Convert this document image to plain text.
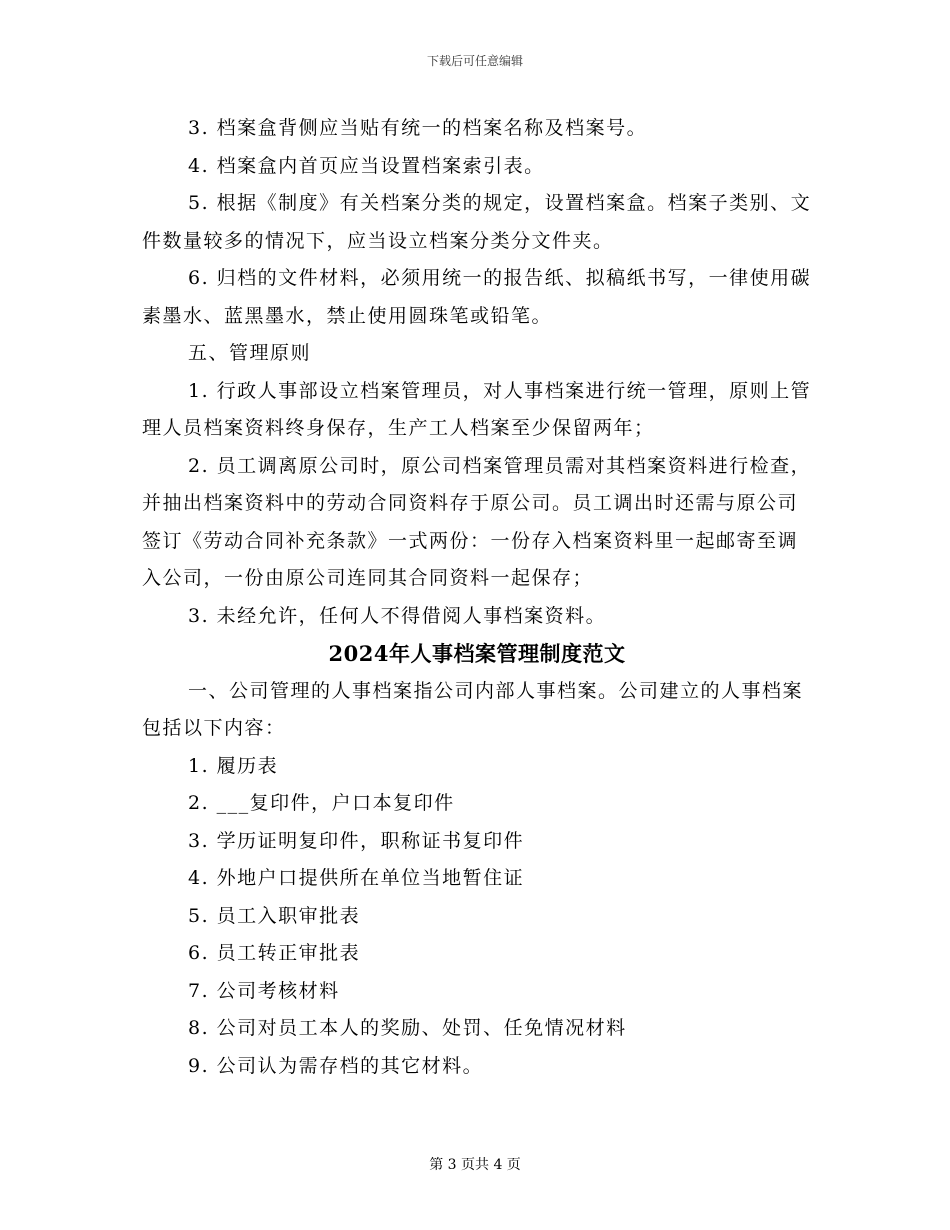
下载后可任意编辑

3. 档案盒背侧应当贴有统一的档案名称及档案号。

4. 档案盒内首页应当设置档案索引表。

5. 根据《制度》有关档案分类的规定，设置档案盒。档案子类别、文件数量较多的情况下，应当设立档案分类分文件夹。

6. 归档的文件材料，必须用统一的报告纸、拟稿纸书写，一律使用碳素墨水、蓝黑墨水，禁止使用圆珠笔或铅笔。

五、管理原则

1. 行政人事部设立档案管理员，对人事档案进行统一管理，原则上管理人员档案资料终身保存，生产工人档案至少保留两年；

2. 员工调离原公司时，原公司档案管理员需对其档案资料进行检查，并抽出档案资料中的劳动合同资料存于原公司。员工调出时还需与原公司签订《劳动合同补充条款》一式两份：一份存入档案资料里一起邮寄至调入公司，一份由原公司连同其合同资料一起保存；

3. 未经允许，任何人不得借阅人事档案资料。

2024年人事档案管理制度范文

一、公司管理的人事档案指公司内部人事档案。公司建立的人事档案包括以下内容：

1. 履历表

2. ___复印件，户口本复印件

3. 学历证明复印件，职称证书复印件

4. 外地户口提供所在单位当地暂住证

5. 员工入职审批表

6. 员工转正审批表

7. 公司考核材料

8. 公司对员工本人的奖励、处罚、任免情况材料

9. 公司认为需存档的其它材料。

第 3 页共 4 页
